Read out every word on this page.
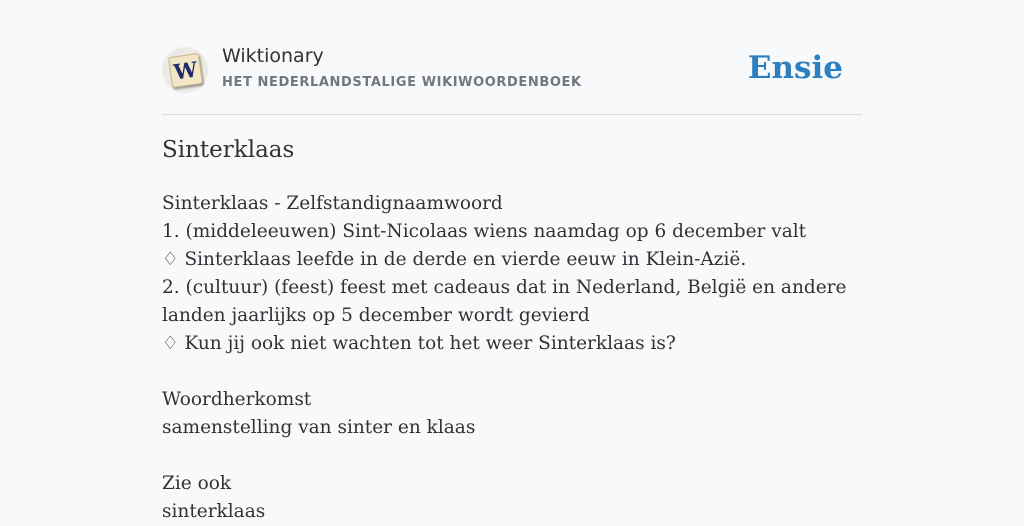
W Wiktionary
HET NEDERLANDSTALIGE WIKIWOORDENBOEK	Ensie
Sinterklaas
Sinterklaas - Zelfstandignaamwoord
1. (middeleeuwen) Sint-Nicolaas wiens naamdag op 6 december valt
♢ Sinterklaas leefde in de derde en vierde eeuw in Klein-Azië.
2. (cultuur) (feest) feest met cadeaus dat in Nederland, België en andere landen jaarlijks op 5 december wordt gevierd
♢ Kun jij ook niet wachten tot het weer Sinterklaas is?
Woordherkomst
samenstelling van sinter en klaas
Zie ook
sinterklaas
